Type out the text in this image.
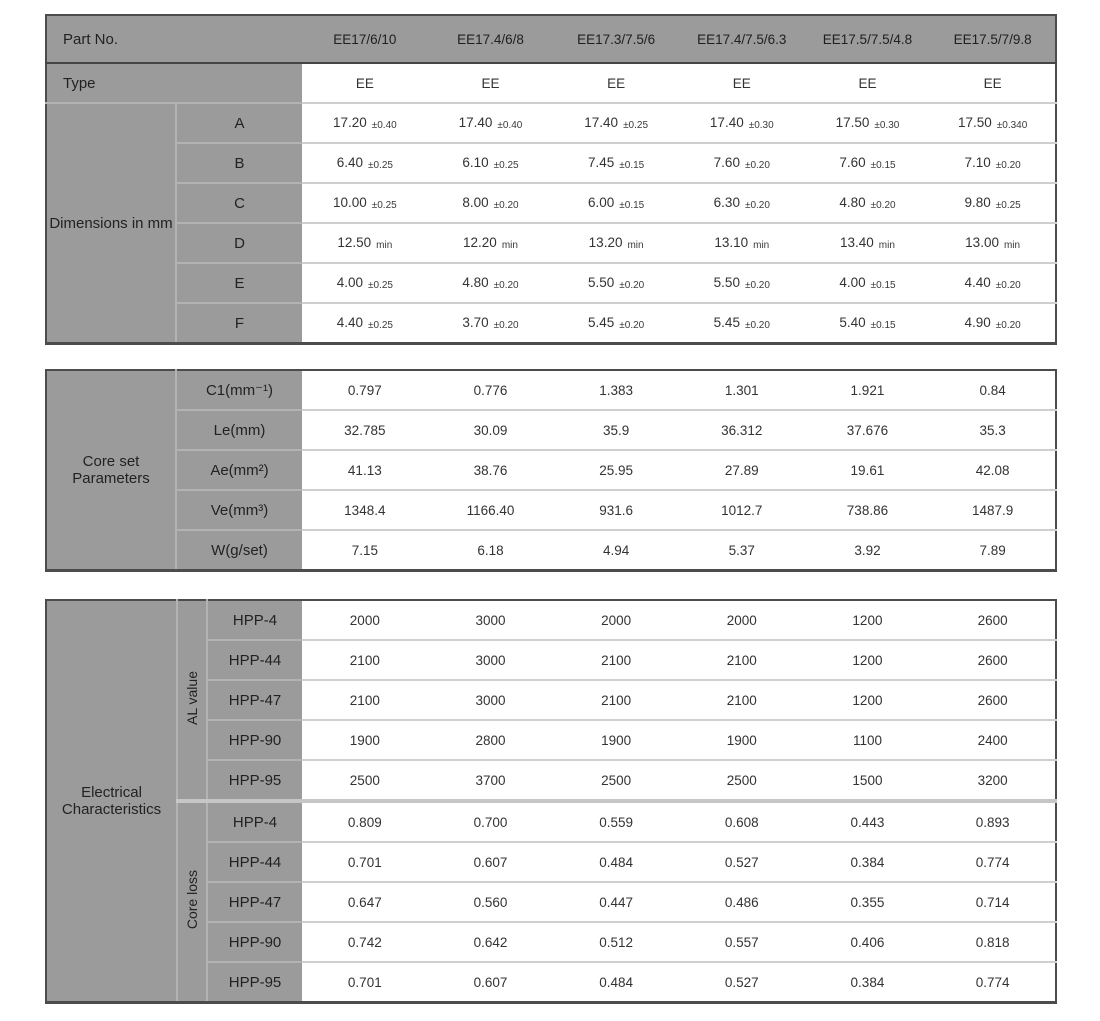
Part No.		EE17/6/10	EE17.4/6/8	EE17.3/7.5/6	EE17.4/7.5/6.3	EE17.5/7.5/4.8	EE17.5/7/9.8
Type		EE	EE	EE	EE	EE	EE
Dimensions in mm	A	17.20 ±0.40	17.40 ±0.40	17.40 ±0.25	17.40 ±0.30	17.50 ±0.30	17.50 ±0.340
	B	6.40 ±0.25	6.10 ±0.25	7.45 ±0.15	7.60 ±0.20	7.60 ±0.15	7.10 ±0.20
	C	10.00 ±0.25	8.00 ±0.20	6.00 ±0.15	6.30 ±0.20	4.80 ±0.20	9.80 ±0.25
	D	12.50 min	12.20 min	13.20 min	13.10 min	13.40 min	13.00 min
	E	4.00 ±0.25	4.80 ±0.20	5.50 ±0.20	5.50 ±0.20	4.00 ±0.15	4.40 ±0.20
	F	4.40 ±0.25	3.70 ±0.20	5.45 ±0.20	5.45 ±0.20	5.40 ±0.15	4.90 ±0.20
Core set Parameters	C1(mm⁻¹)	0.797	0.776	1.383	1.301	1.921	0.84
	Le(mm)	32.785	30.09	35.9	36.312	37.676	35.3
	Ae(mm²)	41.13	38.76	25.95	27.89	19.61	42.08
	Ve(mm³)	1348.4	1166.40	931.6	1012.7	738.86	1487.9
	W(g/set)	7.15	6.18	4.94	5.37	3.92	7.89
Electrical Characteristics	AL value	HPP-4	2000	3000	2000	2000	1200	2600
		HPP-44	2100	3000	2100	2100	1200	2600
		HPP-47	2100	3000	2100	2100	1200	2600
		HPP-90	1900	2800	1900	1900	1100	2400
		HPP-95	2500	3700	2500	2500	1500	3200
	Core loss	HPP-4	0.809	0.700	0.559	0.608	0.443	0.893
		HPP-44	0.701	0.607	0.484	0.527	0.384	0.774
		HPP-47	0.647	0.560	0.447	0.486	0.355	0.714
		HPP-90	0.742	0.642	0.512	0.557	0.406	0.818
		HPP-95	0.701	0.607	0.484	0.527	0.384	0.774
